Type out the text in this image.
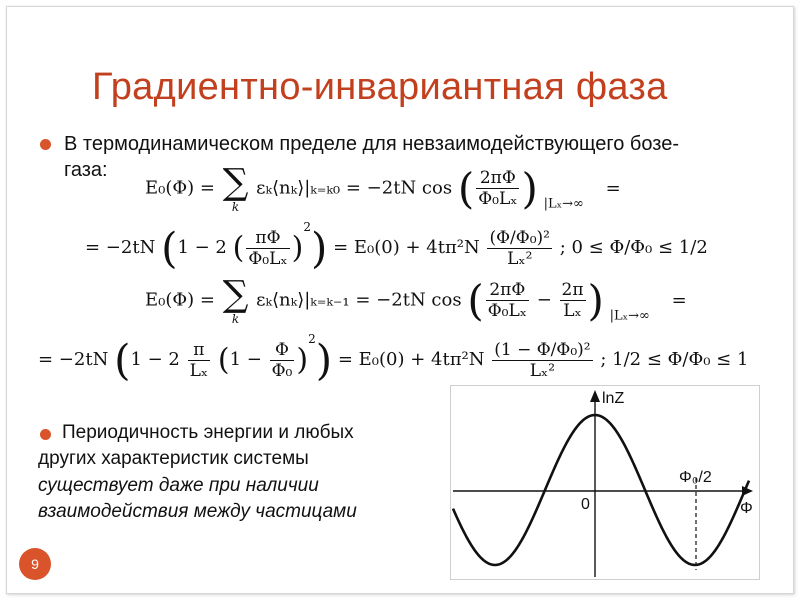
Градиентно-инвариантная фаза
В термодинамическом пределе для невзаимодействующего бозе-
газа:
E₀(Φ) = ∑
k
εₖ⟨nₖ⟩|ₖ₌ₖ₀ = −2tN cos ( $\frac{2\pi\Phi}{\text{Φ₀Lₓ}}$ ) $_{|L_x\to\infty}$ =
= −2tN (1 − 2 ( $\frac{\pi\Phi}{\text{Φ₀Lₓ}} )^2) = E_0(0) + 4t\pi^2N \frac{\text{(Φ/Φ₀)²}}{\text{Lₓ²}}$ ; 0 ≤ Φ/Φ₀ ≤ 1/2
E₀(Φ) = ∑
k
εₖ⟨nₖ⟩|ₖ₌ₖ₋₁ = −2tN cos ( $\frac{2\pi\Phi}{\text{Φ₀Lₓ}} - \frac{2\pi}{\text{Lₓ}}$ ) $_{|L_x\to\infty}$ =
= −2tN $(1 - 2 \frac{\pi}{\text{Lₓ}} (1 - \frac{\Phi}{\text{Φ₀}} )^2) = E_0(0) + 4t\pi^2N \frac{\text{(1 − Φ/Φ₀)²}}{\text{Lₓ²}}$ ; 1/2 ≤ Φ/Φ₀ ≤ 1
Периодичность энергии и любых
других характеристик системы
существует даже при наличии
взаимодействия между частицами
lnZ
Φ
0
Φ₀/2
9
